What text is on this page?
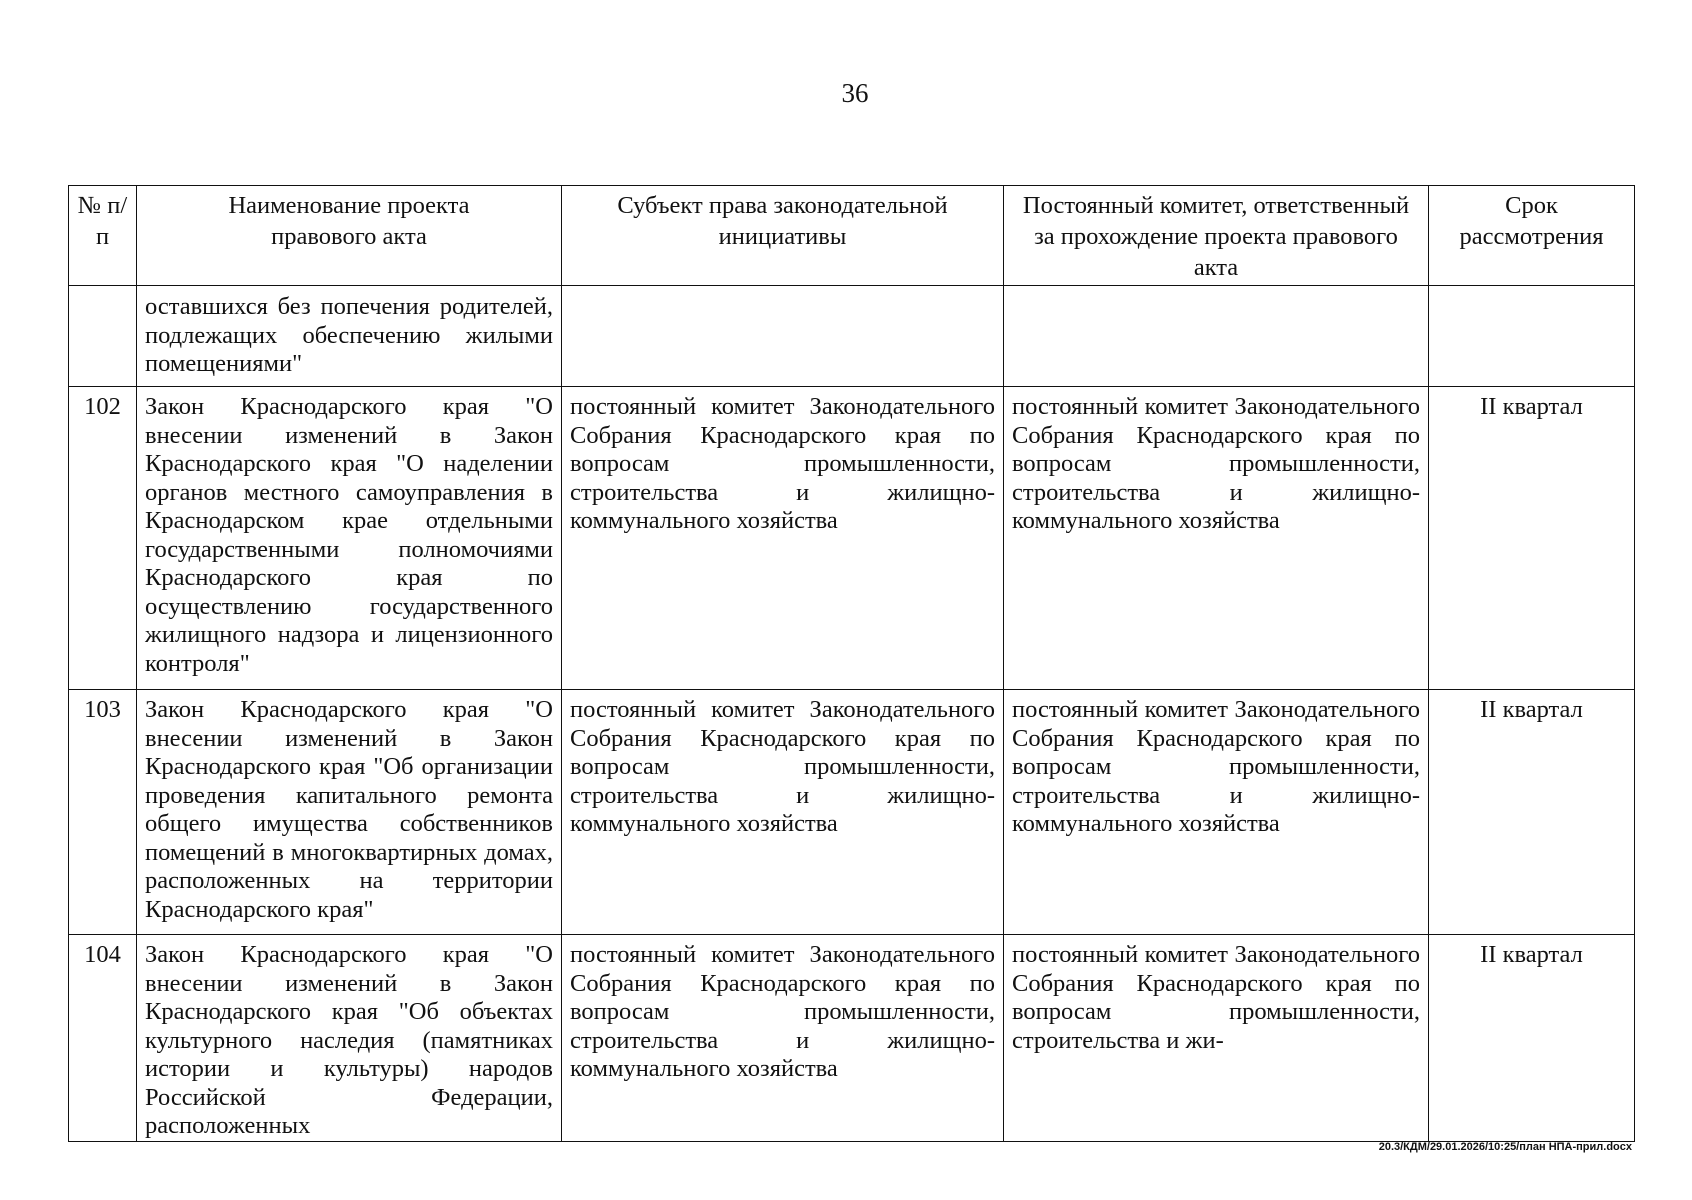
36
№ п/п	Наименование проекта правового акта	Субъект права законодательной инициативы	Постоянный комитет, ответственный за прохождение проекта правового акта	Срок рассмотрения
	оставшихся без попечения родителей, подлежащих обеспечению жилыми помещениями"			
102	Закон Краснодарского края "О внесении изменений в Закон Краснодарского края "О наделении органов местного самоуправления в Краснодарском крае отдельными государственными полномочиями Краснодарского края по осуществлению государственного жилищного надзора и лицензионного контроля"	постоянный комитет Законодательного Собрания Краснодарского края по вопросам промышленности, строительства и жилищно-коммунального хозяйства	постоянный комитет Законодательного Собрания Краснодарского края по вопросам промышленности, строительства и жилищно-коммунального хозяйства	II квартал
103	Закон Краснодарского края "О внесении изменений в Закон Краснодарского края "Об организации проведения капитального ремонта общего имущества собственников помещений в многоквартирных домах, расположенных на территории Краснодарского края"	постоянный комитет Законодательного Собрания Краснодарского края по вопросам промышленности, строительства и жилищно-коммунального хозяйства	постоянный комитет Законодательного Собрания Краснодарского края по вопросам промышленности, строительства и жилищно-коммунального хозяйства	II квартал
104	Закон Краснодарского края "О внесении изменений в Закон Краснодарского края "Об объектах культурного наследия (памятниках истории и культуры) народов Российской Федерации, расположенных	постоянный комитет Законодательного Собрания Краснодарского края по вопросам промышленности, строительства и жилищно-коммунального хозяйства	постоянный комитет Законодательного Собрания Краснодарского края по вопросам промышленности, строительства и жи-	II квартал
20.3/КДМ/29.01.2026/10:25/план НПА-прил.docx
